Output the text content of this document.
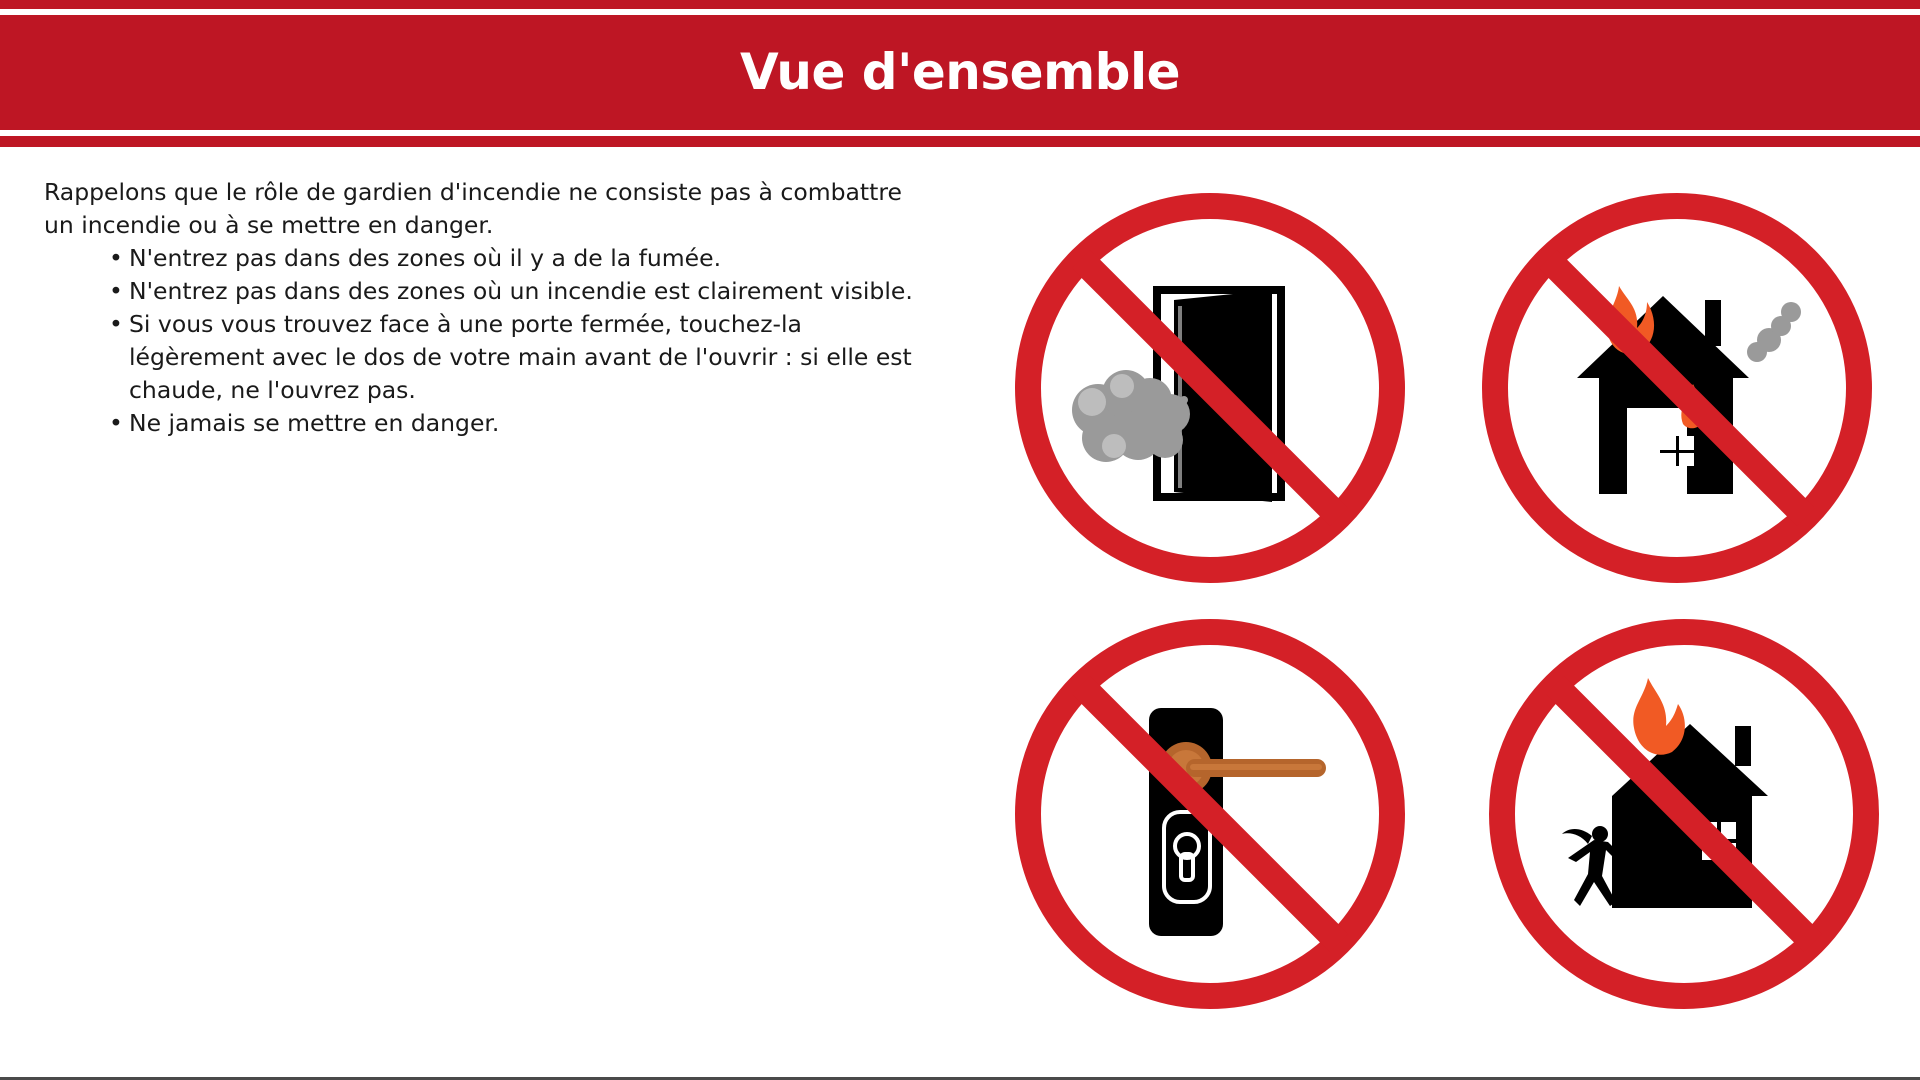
Vue d'ensemble

Rappelons que le rôle de gardien d'incendie ne consiste pas à combattre un incendie ou à se mettre en danger.

• N'entrez pas dans des zones où il y a de la fumée.
• N'entrez pas dans des zones où un incendie est clairement visible.
• Si vous vous trouvez face à une porte fermée, touchez-la légèrement avec le dos de votre main avant de l'ouvrir : si elle est chaude, ne l'ouvrez pas.
• Ne jamais se mettre en danger.
